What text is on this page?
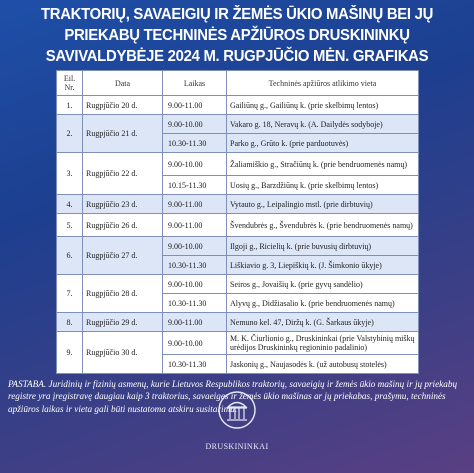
TRAKTORIŲ, SAVAEIGIŲ IR ŽEMĖS ŪKIO MAŠINŲ BEI JŲ
PRIEKABŲ TECHNINĖS APŽIŪROS DRUSKININKŲ
SAVIVALDYBĖJE 2024 M. RUGPJŪČIO MĖN. GRAFIKAS
Eil.
Nr.	Data	Laikas	Techninės apžiūros atlikimo vieta
1.	Rugpjūčio 20 d.	9.00-11.00	Gailiūnų g., Gailiūnų k. (prie skelbimų lentos)
2.	Rugpjūčio 21 d.	9.00-10.00	Vakaro g. 18, Neravų k. (A. Dailydės sodyboje)
		10.30-11.30	Parko g., Grūto k. (prie parduotuvės)
3.	Rugpjūčio 22 d.	9.00-10.00	Žaliamiškio g., Stračiūnų k. (prie bendruomenės namų)
		10.15-11.30	Uosių g., Barzdžiūnų k. (prie skelbimų lentos)
4.	Rugpjūčio 23 d.	9.00-11.00	Vytauto g., Leipalingio mstl. (prie dirbtuvių)
5.	Rugpjūčio 26 d.	9.00-11.00	Švendubrės g., Švendubrės k. (prie bendruomenės namų)
6.	Rugpjūčio 27 d.	9.00-10.00	Ilgoji g., Ricielių k. (prie buvusių dirbtuvių)
		10.30-11.30	Liškiavio g. 3, Liepiškių k. (J. Šimkonio ūkyje)
7.	Rugpjūčio 28 d.	9.00-10.00	Seiros g., Jovaišių k. (prie gyvų sandėlio)
		10.30-11.30	Alyvų g., Didžiasalio k. (prie bendruomenės namų)
8.	Rugpjūčio 29 d.	9.00-11.00	Nemuno kel. 47, Diržų k. (G. Šarkaus ūkyje)
9.	Rugpjūčio 30 d.	9.00-10.00	M. K. Čiurlionio g., Druskininkai (prie Valstybinių miškų urėdijos Druskininkų regioninio padalinio)
		10.30-11.30	Jaskonių g., Naujasodės k. (už autobusų stotelės)
PASTABA. Juridinių ir fizinių asmenų, kurie Lietuvos Respublikos traktorių, savaeigių ir žemės ūkio mašinų ir jų priekabų registre yra įregistravę daugiau kaip 3 traktorius, savaeiges ir žemės ūkio mašinas ar jų priekabas, prašymu, techninės apžiūros laikas ir vieta gali būti nustatoma atskiru susitarimu.
DRUSKININKAI
